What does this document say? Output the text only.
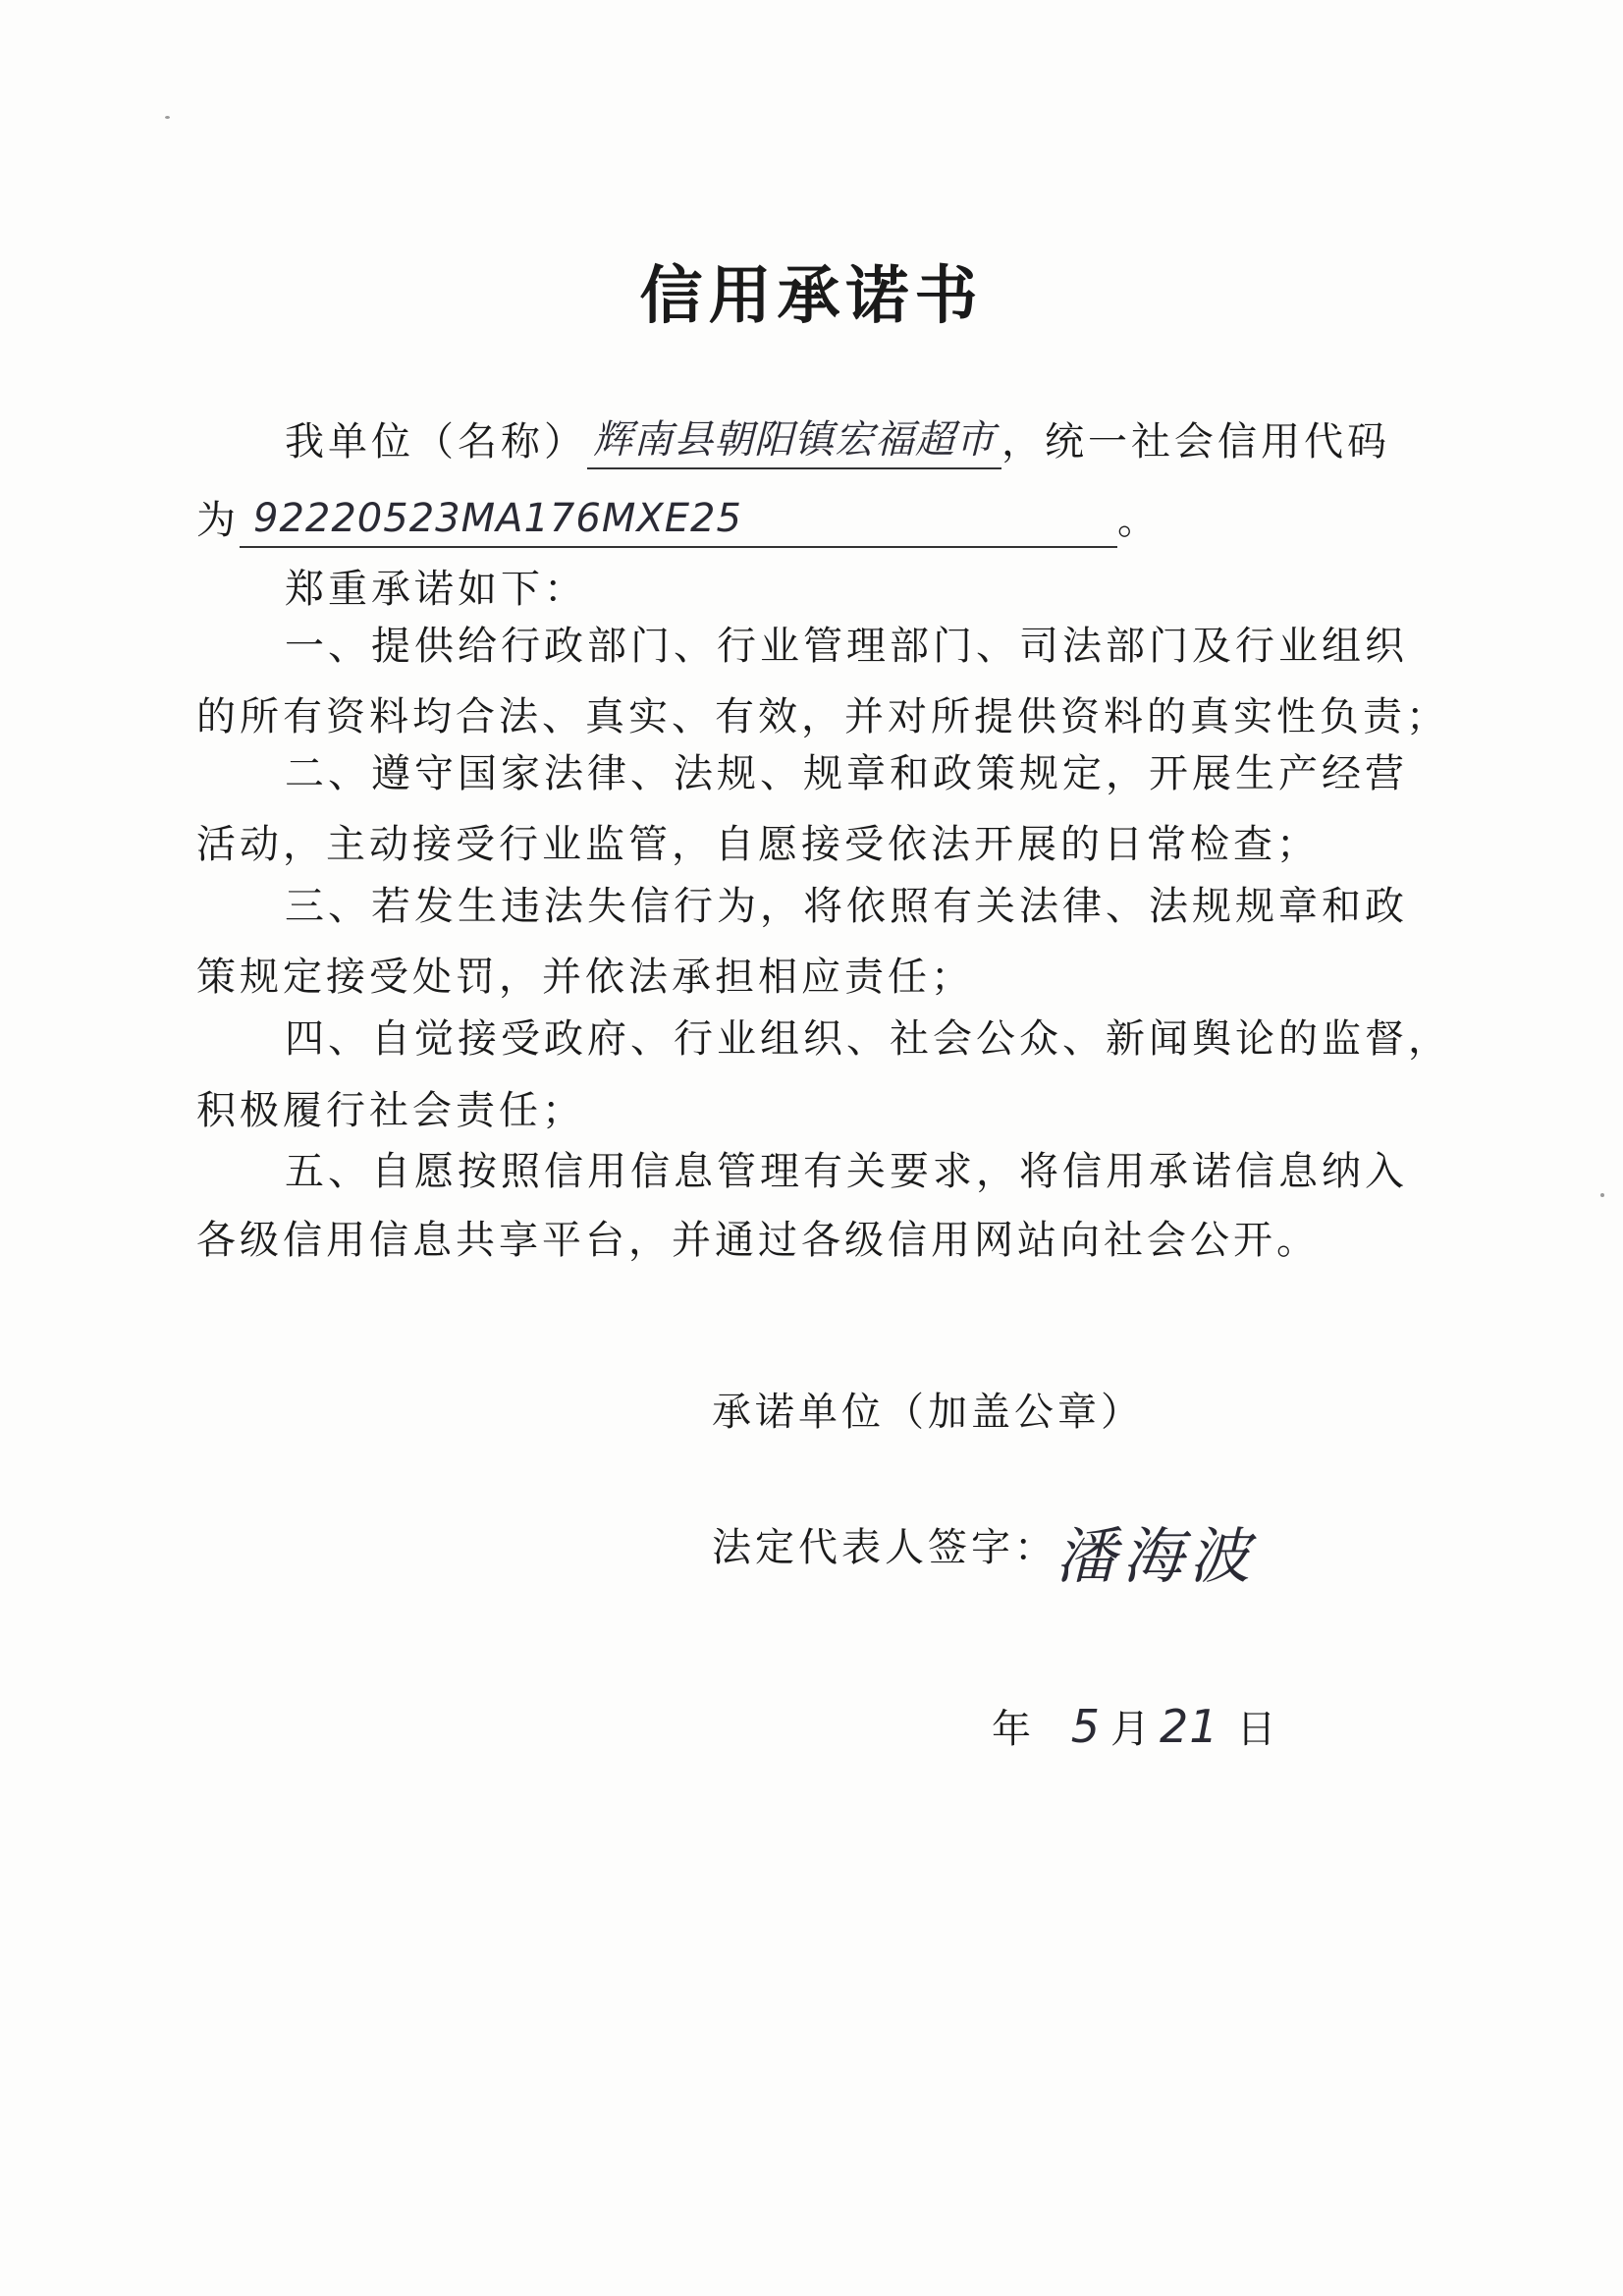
信用承诺书
我单位（名称） 辉南县朝阳镇宏福超市 ，统一社会信用代码
为 92220523MA176MXE25	。
郑重承诺如下：
一、提供给行政部门、行业管理部门、司法部门及行业组织
的所有资料均合法、真实、有效，并对所提供资料的真实性负责；
二、遵守国家法律、法规、规章和政策规定，开展生产经营
活动，主动接受行业监管，自愿接受依法开展的日常检查；
三、若发生违法失信行为，将依照有关法律、法规规章和政
策规定接受处罚，并依法承担相应责任；
四、自觉接受政府、行业组织、社会公众、新闻舆论的监督，
积极履行社会责任；
五、自愿按照信用信息管理有关要求，将信用承诺信息纳入
各级信用信息共享平台，并通过各级信用网站向社会公开。
承诺单位（加盖公章）
法定代表人签字：
潘海波
年 5 月 21 日
